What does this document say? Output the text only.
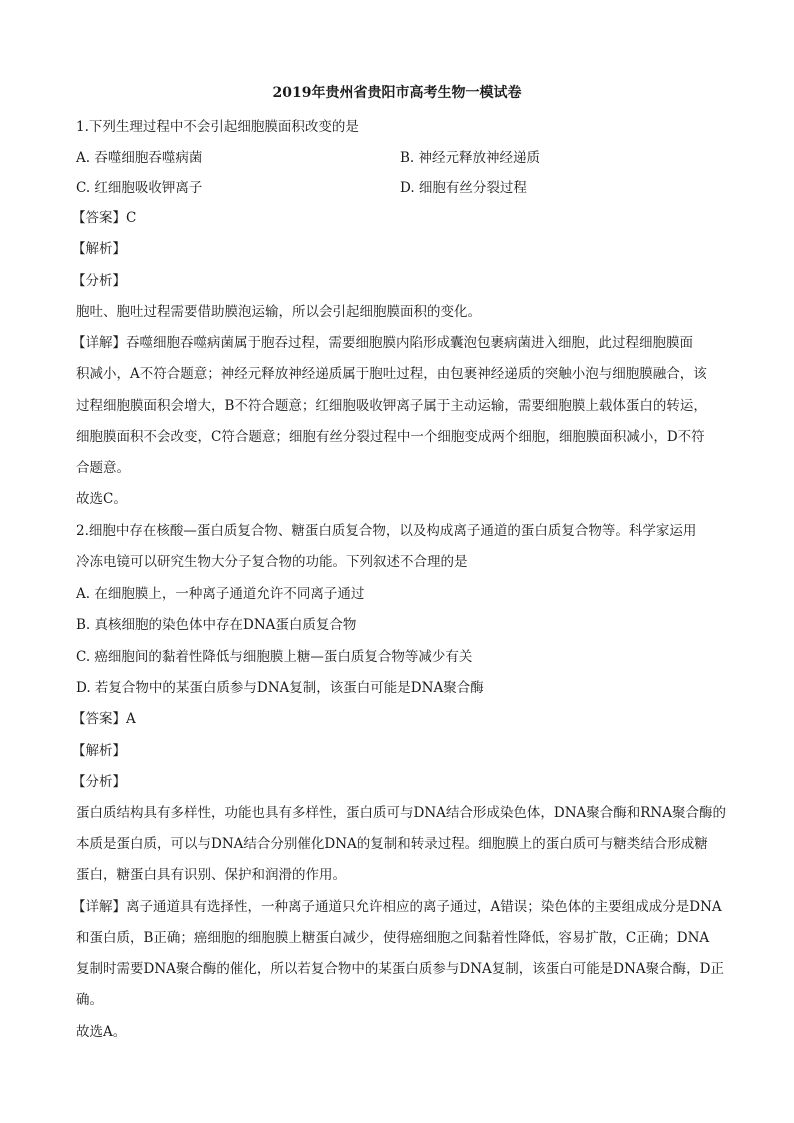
2019年贵州省贵阳市高考生物一模试卷
1.下列生理过程中不会引起细胞膜面积改变的是
A. 吞噬细胞吞噬病菌	B. 神经元释放神经递质
C. 红细胞吸收钾离子	D. 细胞有丝分裂过程
【答案】C
【解析】
【分析】
胞吐、胞吐过程需要借助膜泡运输，所以会引起细胞膜面积的变化。
【详解】吞噬细胞吞噬病菌属于胞吞过程，需要细胞膜内陷形成囊泡包裹病菌进入细胞，此过程细胞膜面
积减小，A不符合题意；神经元释放神经递质属于胞吐过程，由包裹神经递质的突触小泡与细胞膜融合，该
过程细胞膜面积会增大，B不符合题意；红细胞吸收钾离子属于主动运输，需要细胞膜上载体蛋白的转运，
细胞膜面积不会改变，C符合题意；细胞有丝分裂过程中一个细胞变成两个细胞，细胞膜面积减小，D不符
合题意。
故选C。
2.细胞中存在核酸—蛋白质复合物、糖蛋白质复合物，以及构成离子通道的蛋白质复合物等。科学家运用
冷冻电镜可以研究生物大分子复合物的功能。下列叙述不合理的是
A. 在细胞膜上，一种离子通道允许不同离子通过
B. 真核细胞的染色体中存在DNA蛋白质复合物
C. 癌细胞间的黏着性降低与细胞膜上糖—蛋白质复合物等减少有关
D. 若复合物中的某蛋白质参与DNA复制，该蛋白可能是DNA聚合酶
【答案】A
【解析】
【分析】
蛋白质结构具有多样性，功能也具有多样性，蛋白质可与DNA结合形成染色体，DNA聚合酶和RNA聚合酶的
本质是蛋白质，可以与DNA结合分别催化DNA的复制和转录过程。细胞膜上的蛋白质可与糖类结合形成糖
蛋白，糖蛋白具有识别、保护和润滑的作用。
【详解】离子通道具有选择性，一种离子通道只允许相应的离子通过，A错误；染色体的主要组成成分是DNA
和蛋白质，B正确；癌细胞的细胞膜上糖蛋白减少，使得癌细胞之间黏着性降低，容易扩散，C正确；DNA
复制时需要DNA聚合酶的催化，所以若复合物中的某蛋白质参与DNA复制，该蛋白可能是DNA聚合酶，D正
确。
故选A。
